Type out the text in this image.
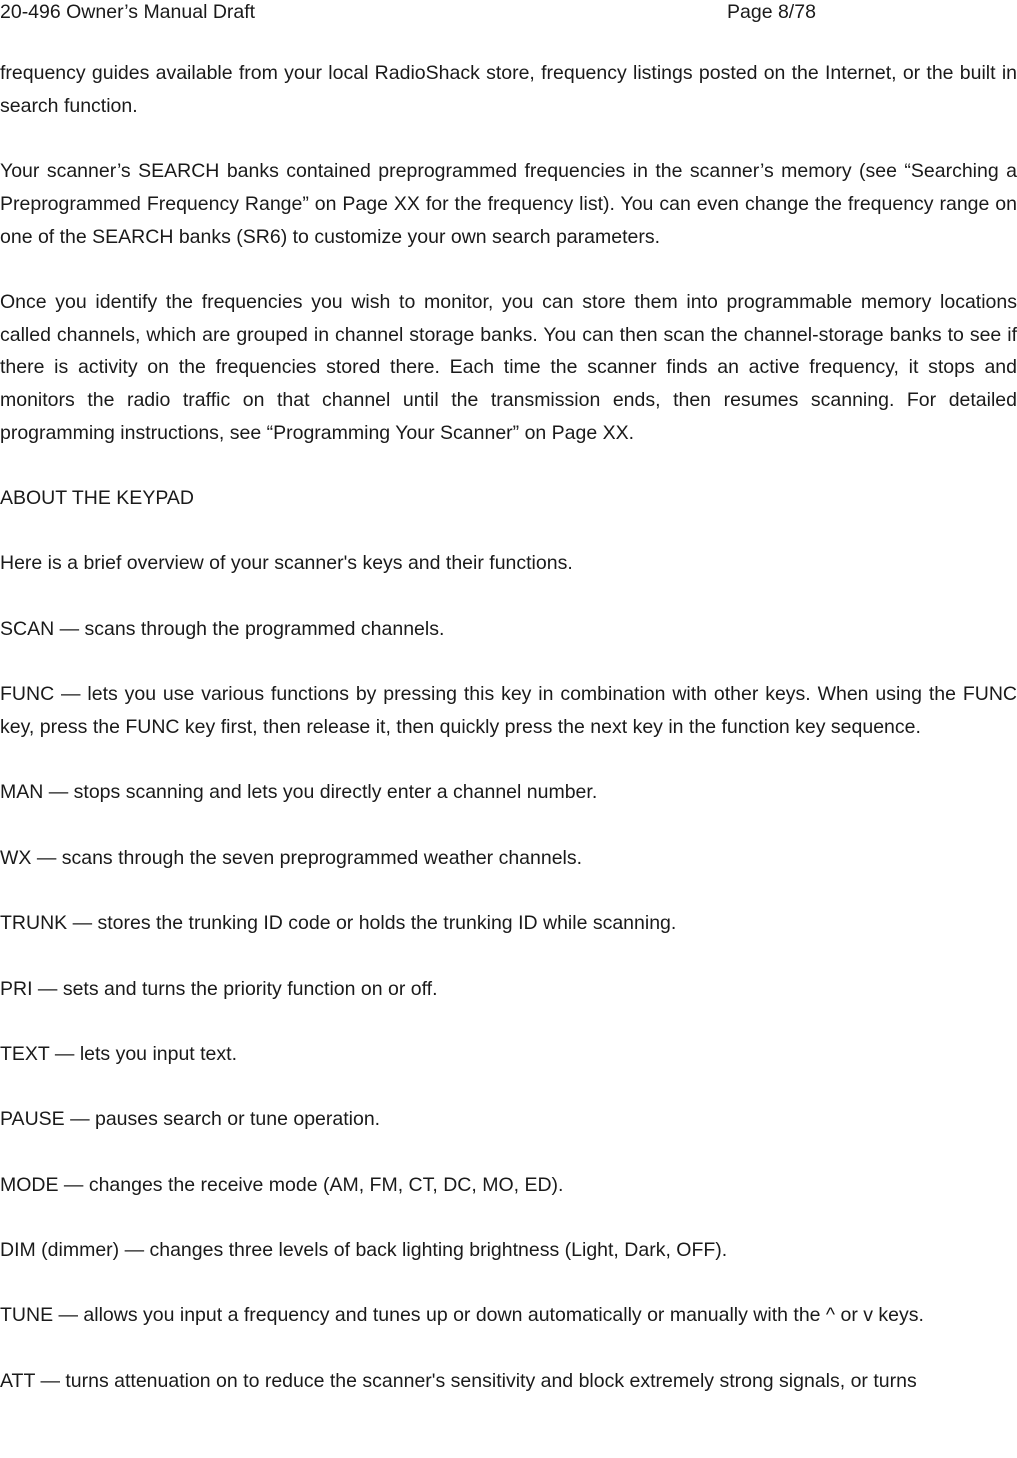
20-496 Owner’s Manual Draft	Page 8/78

frequency guides available from your local RadioShack store, frequency listings posted on the Internet, or the built in search function.

Your scanner’s SEARCH banks contained preprogrammed frequencies in the scanner’s memory (see “Searching a Preprogrammed Frequency Range” on Page XX for the frequency list). You can even change the frequency range on one of the SEARCH banks (SR6) to customize your own search parameters.

Once you identify the frequencies you wish to monitor, you can store them into programmable memory locations called channels, which are grouped in channel storage banks. You can then scan the channel-storage banks to see if there is activity on the frequencies stored there. Each time the scanner finds an active frequency, it stops and monitors the radio traffic on that channel until the transmission ends, then resumes scanning. For detailed programming instructions, see “Programming Your Scanner” on Page XX.

ABOUT THE KEYPAD

Here is a brief overview of your scanner's keys and their functions.

SCAN — scans through the programmed channels.

FUNC — lets you use various functions by pressing this key in combination with other keys. When using the FUNC key, press the FUNC key first, then release it, then quickly press the next key in the function key sequence.

MAN — stops scanning and lets you directly enter a channel number.

WX — scans through the seven preprogrammed weather channels.

TRUNK — stores the trunking ID code or holds the trunking ID while scanning.

PRI — sets and turns the priority function on or off.

TEXT — lets you input text.

PAUSE — pauses search or tune operation.

MODE — changes the receive mode (AM, FM, CT, DC, MO, ED).

DIM (dimmer) — changes three levels of back lighting brightness (Light, Dark, OFF).

TUNE — allows you input a frequency and tunes up or down automatically or manually with the ^ or v keys.

ATT — turns attenuation on to reduce the scanner's sensitivity and block extremely strong signals, or turns
